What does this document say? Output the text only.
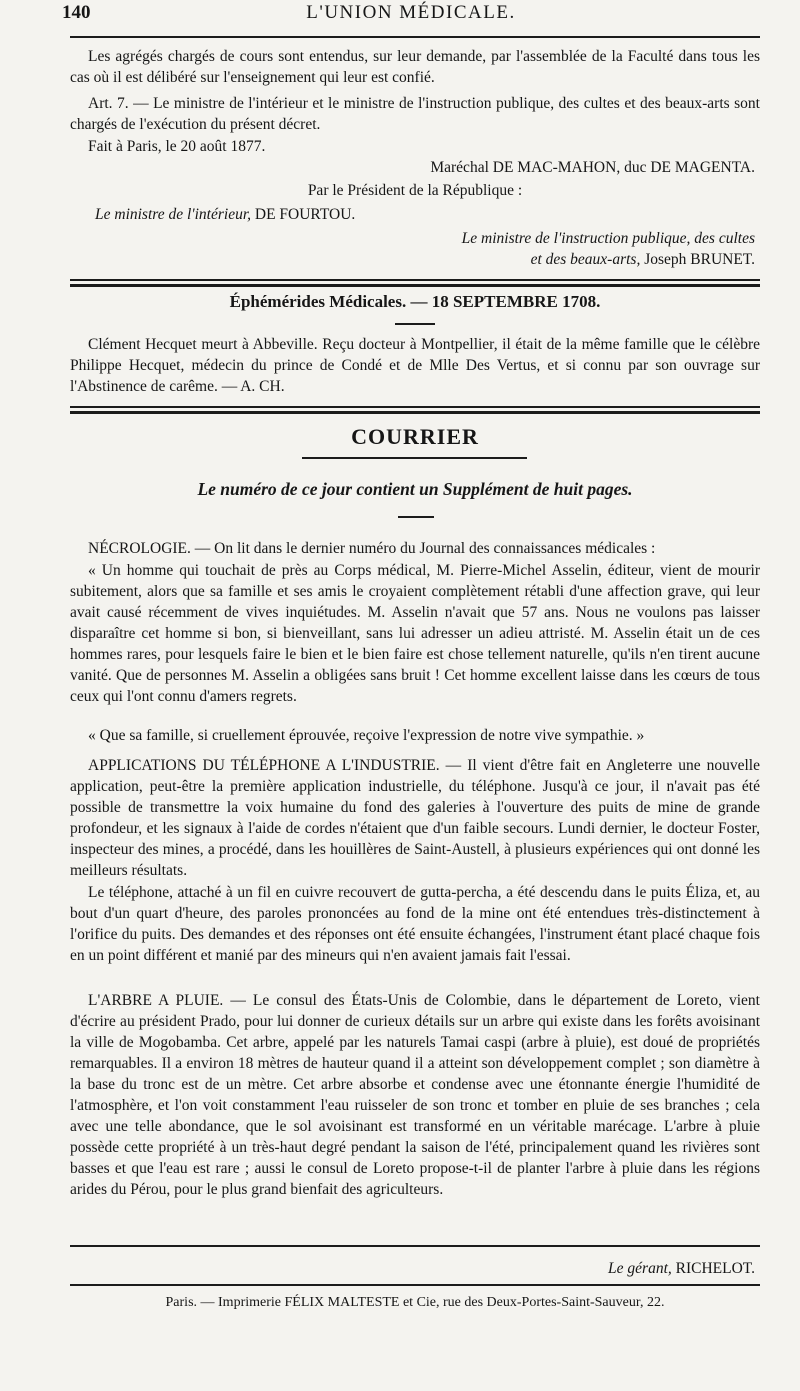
140	L'UNION MÉDICALE.

Les agrégés chargés de cours sont entendus, sur leur demande, par l'assemblée de la Faculté dans tous les cas où il est délibéré sur l'enseignement qui leur est confié.

Art. 7. — Le ministre de l'intérieur et le ministre de l'instruction publique, des cultes et des beaux-arts sont chargés de l'exécution du présent décret.

Fait à Paris, le 20 août 1877.

Maréchal DE MAC-MAHON, duc DE MAGENTA.

Par le Président de la République :

Le ministre de l'intérieur, DE FOURTOU.
Le ministre de l'instruction publique, des cultes
et des beaux-arts, Joseph BRUNET.
Éphémérides Médicales. — 18 SEPTEMBRE 1708.

Clément Hecquet meurt à Abbeville. Reçu docteur à Montpellier, il était de la même famille que le célèbre Philippe Hecquet, médecin du prince de Condé et de Mlle Des Vertus, et si connu par son ouvrage sur l'Abstinence de carême. — A. CH.

COURRIER
Le numéro de ce jour contient un Supplément de huit pages.

NÉCROLOGIE. — On lit dans le dernier numéro du Journal des connaissances médicales :

« Un homme qui touchait de près au Corps médical, M. Pierre-Michel Asselin, éditeur, vient de mourir subitement, alors que sa famille et ses amis le croyaient complètement rétabli d'une affection grave, qui leur avait causé récemment de vives inquiétudes. M. Asselin n'avait que 57 ans. Nous ne voulons pas laisser disparaître cet homme si bon, si bienveillant, sans lui adresser un adieu attristé. M. Asselin était un de ces hommes rares, pour lesquels faire le bien et le bien faire est chose tellement naturelle, qu'ils n'en tirent aucune vanité. Que de personnes M. Asselin a obligées sans bruit ! Cet homme excellent laisse dans les cœurs de tous ceux qui l'ont connu d'amers regrets.

« Que sa famille, si cruellement éprouvée, reçoive l'expression de notre vive sympathie. »

APPLICATIONS DU TÉLÉPHONE A L'INDUSTRIE. — Il vient d'être fait en Angleterre une nouvelle application, peut-être la première application industrielle, du téléphone. Jusqu'à ce jour, il n'avait pas été possible de transmettre la voix humaine du fond des galeries à l'ouverture des puits de mine de grande profondeur, et les signaux à l'aide de cordes n'étaient que d'un faible secours. Lundi dernier, le docteur Foster, inspecteur des mines, a procédé, dans les houillères de Saint-Austell, à plusieurs expériences qui ont donné les meilleurs résultats.

Le téléphone, attaché à un fil en cuivre recouvert de gutta-percha, a été descendu dans le puits Éliza, et, au bout d'un quart d'heure, des paroles prononcées au fond de la mine ont été entendues très-distinctement à l'orifice du puits. Des demandes et des réponses ont été ensuite échangées, l'instrument étant placé chaque fois en un point différent et manié par des mineurs qui n'en avaient jamais fait l'essai.

L'ARBRE A PLUIE. — Le consul des États-Unis de Colombie, dans le département de Loreto, vient d'écrire au président Prado, pour lui donner de curieux détails sur un arbre qui existe dans les forêts avoisinant la ville de Mogobamba. Cet arbre, appelé par les naturels Tamai caspi (arbre à pluie), est doué de propriétés remarquables. Il a environ 18 mètres de hauteur quand il a atteint son développement complet ; son diamètre à la base du tronc est de un mètre. Cet arbre absorbe et condense avec une étonnante énergie l'humidité de l'atmosphère, et l'on voit constamment l'eau ruisseler de son tronc et tomber en pluie de ses branches ; cela avec une telle abondance, que le sol avoisinant est transformé en un véritable marécage. L'arbre à pluie possède cette propriété à un très-haut degré pendant la saison de l'été, principalement quand les rivières sont basses et que l'eau est rare ; aussi le consul de Loreto propose-t-il de planter l'arbre à pluie dans les régions arides du Pérou, pour le plus grand bienfait des agriculteurs.

Le gérant, RICHELOT.
Paris. — Imprimerie FÉLIX MALTESTE et Cie, rue des Deux-Portes-Saint-Sauveur, 22.
